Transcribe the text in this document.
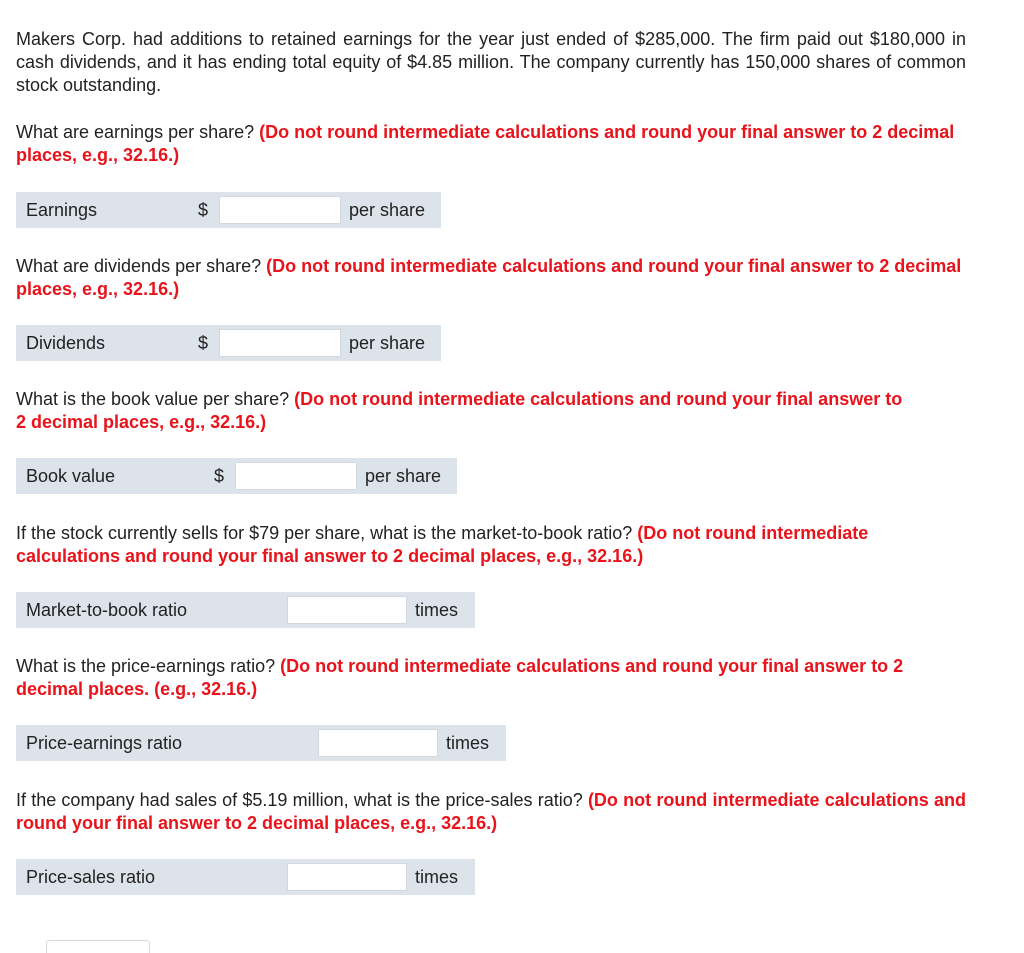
Makers Corp. had additions to retained earnings for the year just ended of $285,000. The firm paid out $180,000 in cash dividends, and it has ending total equity of $4.85 million. The company currently has 150,000 shares of common stock outstanding.
What are earnings per share? (Do not round intermediate calculations and round your final answer to 2 decimal places, e.g., 32.16.)
Earnings	$	per share
What are dividends per share? (Do not round intermediate calculations and round your final answer to 2 decimal places, e.g., 32.16.)
Dividends	$	per share
What is the book value per share? (Do not round intermediate calculations and round your final answer to 2 decimal places, e.g., 32.16.)
Book value	$	per share
If the stock currently sells for $79 per share, what is the market-to-book ratio? (Do not round intermediate calculations and round your final answer to 2 decimal places, e.g., 32.16.)
Market-to-book ratio	times
What is the price-earnings ratio? (Do not round intermediate calculations and round your final answer to 2 decimal places. (e.g., 32.16.)
Price-earnings ratio	times
If the company had sales of $5.19 million, what is the price-sales ratio? (Do not round intermediate calculations and round your final answer to 2 decimal places, e.g., 32.16.)
Price-sales ratio	times
